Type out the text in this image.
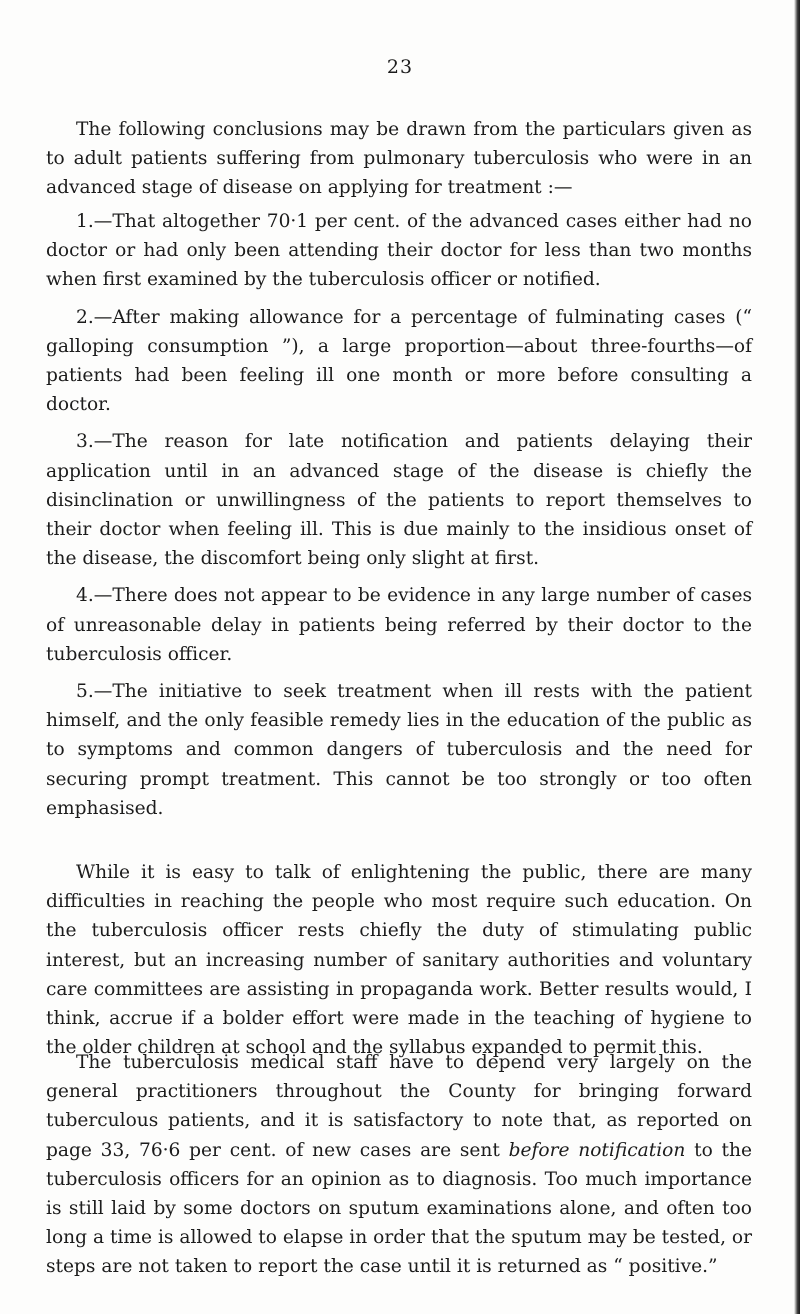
23

The following conclusions may be drawn from the particulars given as to adult patients suffering from pulmonary tuberculosis who were in an advanced stage of disease on applying for treatment :—

1.—That altogether 70·1 per cent. of the advanced cases either had no doctor or had only been attending their doctor for less than two months when first examined by the tuberculosis officer or notified.

2.—After making allowance for a percentage of fulminating cases (“ galloping consumption ”), a large proportion—about three-fourths—of patients had been feeling ill one month or more before consulting a doctor.

3.—The reason for late notification and patients delaying their application until in an advanced stage of the disease is chiefly the disinclination or unwillingness of the patients to report themselves to their doctor when feeling ill. This is due mainly to the insidious onset of the disease, the discomfort being only slight at first.

4.—There does not appear to be evidence in any large number of cases of unreasonable delay in patients being referred by their doctor to the tuberculosis officer.

5.—The initiative to seek treatment when ill rests with the patient himself, and the only feasible remedy lies in the education of the public as to symptoms and common dangers of tuberculosis and the need for securing prompt treatment. This cannot be too strongly or too often emphasised.

While it is easy to talk of enlightening the public, there are many difficulties in reaching the people who most require such education. On the tuberculosis officer rests chiefly the duty of stimulating public interest, but an increasing number of sanitary authorities and voluntary care committees are assisting in propaganda work. Better results would, I think, accrue if a bolder effort were made in the teaching of hygiene to the older children at school and the syllabus expanded to permit this.

The tuberculosis medical staff have to depend very largely on the general practitioners throughout the County for bringing forward tuberculous patients, and it is satisfactory to note that, as reported on page 33, 76·6 per cent. of new cases are sent before notification to the tuberculosis officers for an opinion as to diagnosis. Too much importance is still laid by some doctors on sputum examinations alone, and often too long a time is allowed to elapse in order that the sputum may be tested, or steps are not taken to report the case until it is returned as “ positive.”
